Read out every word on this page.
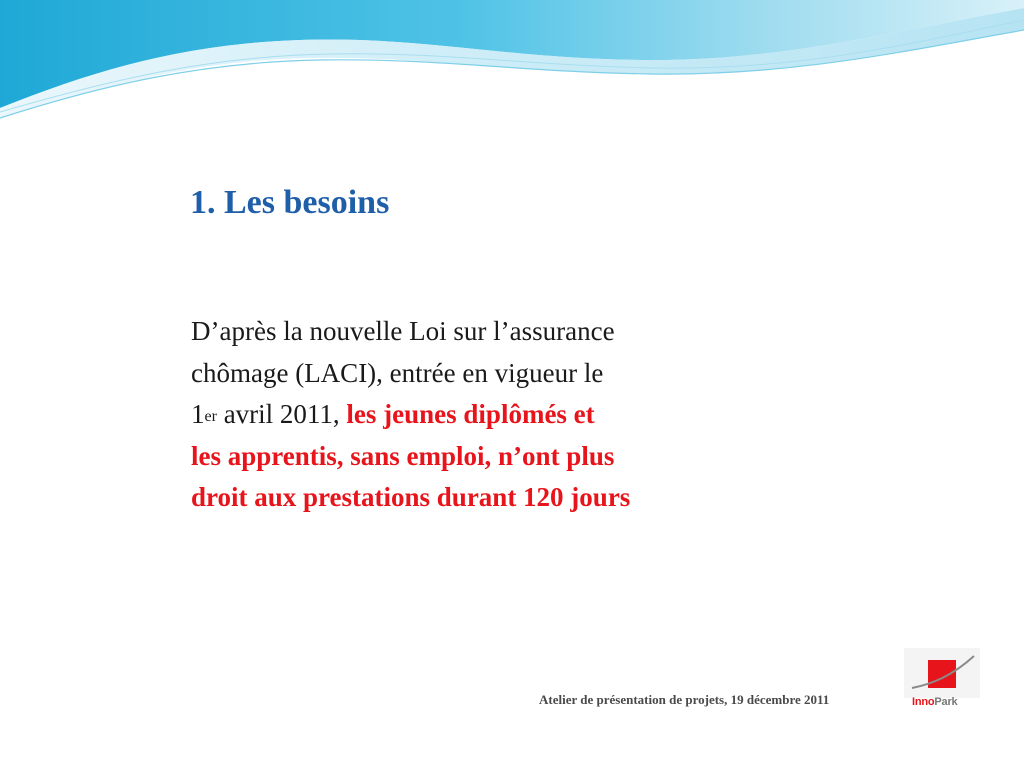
1. Les besoins
D’après la nouvelle Loi sur l’assurance
chômage (LACI), entrée en vigueur le
1er avril 2011, les jeunes diplômés et
les apprentis, sans emploi, n’ont plus
droit aux prestations durant 120 jours
Atelier de présentation de projets, 19 décembre 2011	InnoPark
